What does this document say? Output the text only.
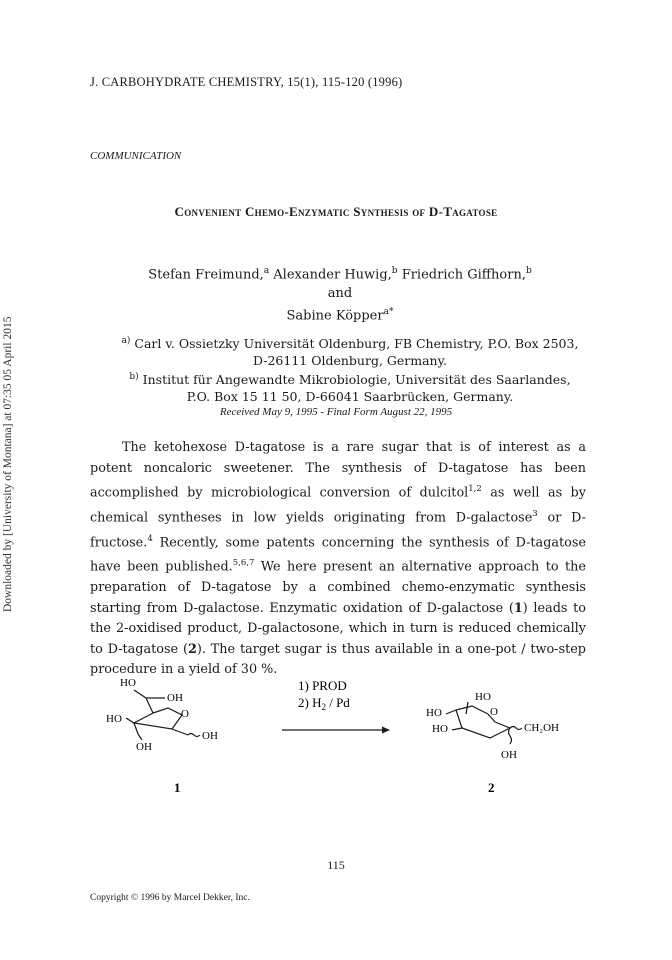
Downloaded by [University of Montana] at 07:35 05 April 2015
J. CARBOHYDRATE CHEMISTRY, 15(1), 115-120 (1996)
COMMUNICATION
Convenient Chemo-Enzymatic Synthesis of D-Tagatose
Stefan Freimund,$^a$ Alexander Huwig,$^b$ Friedrich Giffhorn,$^b$ and
Sabine Köpper$^{a*}$
$^{a)}$ Carl v. Ossietzky Universität Oldenburg, FB Chemistry, P.O. Box 2503,
D-26111 Oldenburg, Germany.
$^{b)}$ Institut für Angewandte Mikrobiologie, Universität des Saarlandes,
P.O. Box 15 11 50, D-66041 Saarbrücken, Germany.
Received May 9, 1995 - Final Form August 22, 1995
The ketohexose D-tagatose is a rare sugar that is of interest as a potent noncaloric sweetener. The synthesis of D-tagatose has been accomplished by microbiological conversion of dulcitol$^{1,2}$ as well as by chemical syntheses in low yields originating from D-galactose$^3$ or D-fructose.$^4$ Recently, some patents concerning the synthesis of D-tagatose have been published.$^{5,6,7}$ We here present an alternative approach to the preparation of D-tagatose by a combined chemo-enzymatic synthesis starting from D-galactose. Enzymatic oxidation of D-galactose (1) leads to the 2-oxidised product, D-galactosone, which in turn is reduced chemically to D-tagatose (2). The target sugar is thus available in a one-pot / two-step procedure in a yield of 30 %.
HO
OH
O
HO
OH
OH
1) PROD
2) $H_2$ / Pd	HO
HO	O
HO	CH₂OH
OH
1	2
115
Copyright © 1996 by Marcel Dekker, Inc.
